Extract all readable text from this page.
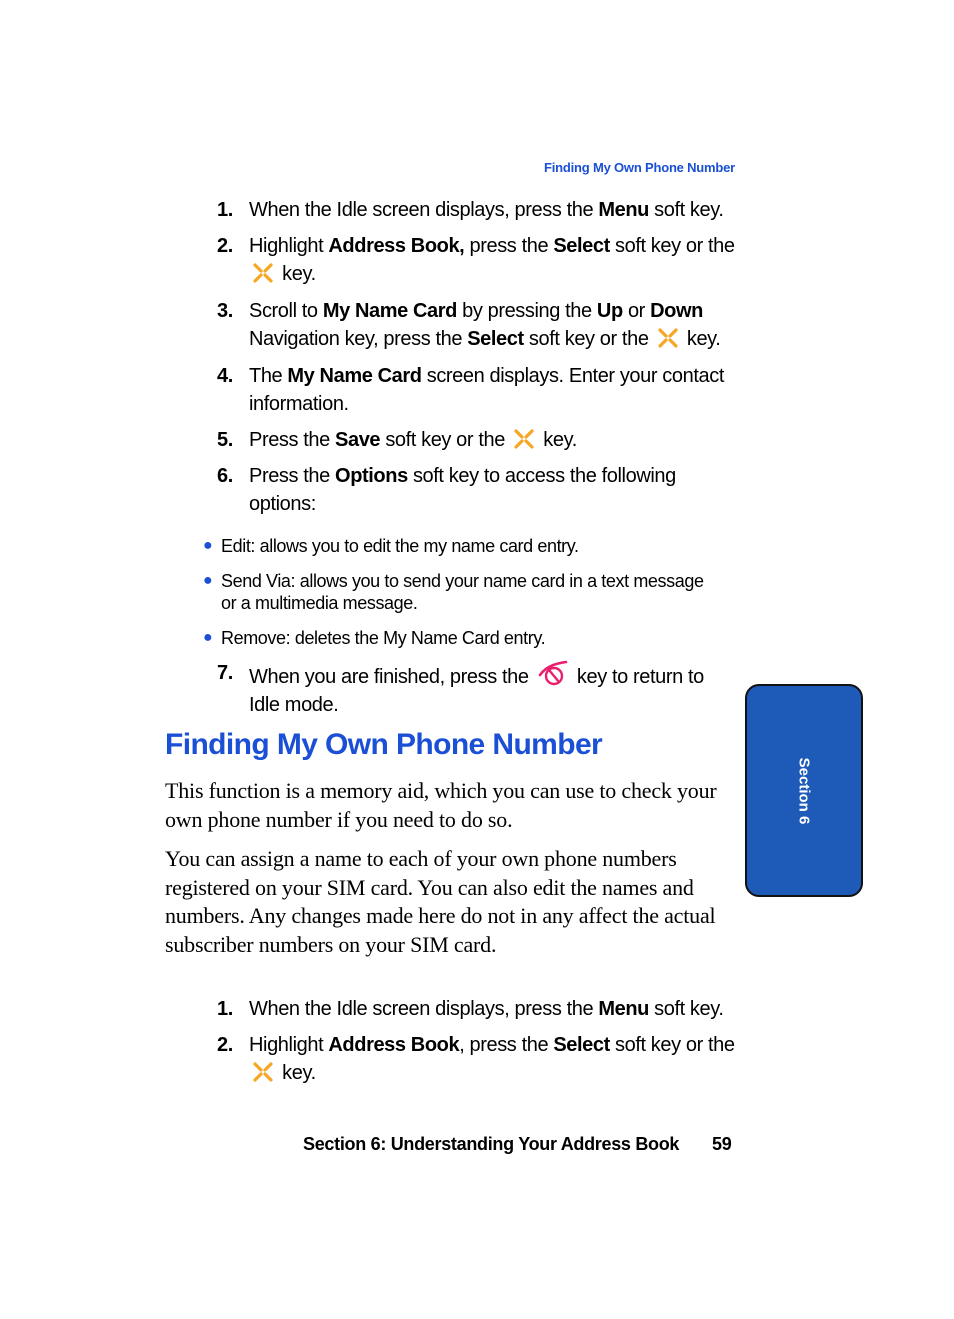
Finding My Own Phone Number
1. When the Idle screen displays, press the Menu soft key.
2. Highlight Address Book, press the Select soft key or the
key.
3. Scroll to My Name Card by pressing the Up or Down
Navigation key, press the Select soft key or the  key.
4. The My Name Card screen displays. Enter your contact
information.
5. Press the Save soft key or the  key.
6. Press the Options soft key to access the following
options:
● Edit: allows you to edit the my name card entry.
● Send Via: allows you to send your name card in a text message
or a multimedia message.
● Remove: deletes the My Name Card entry.
7. When you are finished, press the  key to return to
Idle mode.
Finding My Own Phone Number
This function is a memory aid, which you can use to check your own phone number if you need to do so.
You can assign a name to each of your own phone numbers registered on your SIM card. You can also edit the names and numbers. Any changes made here do not in any affect the actual subscriber numbers on your SIM card.
1. When the Idle screen displays, press the Menu soft key.
2. Highlight Address Book, press the Select soft key or the
key.
Section 6: Understanding Your Address Book 59
Section 6
